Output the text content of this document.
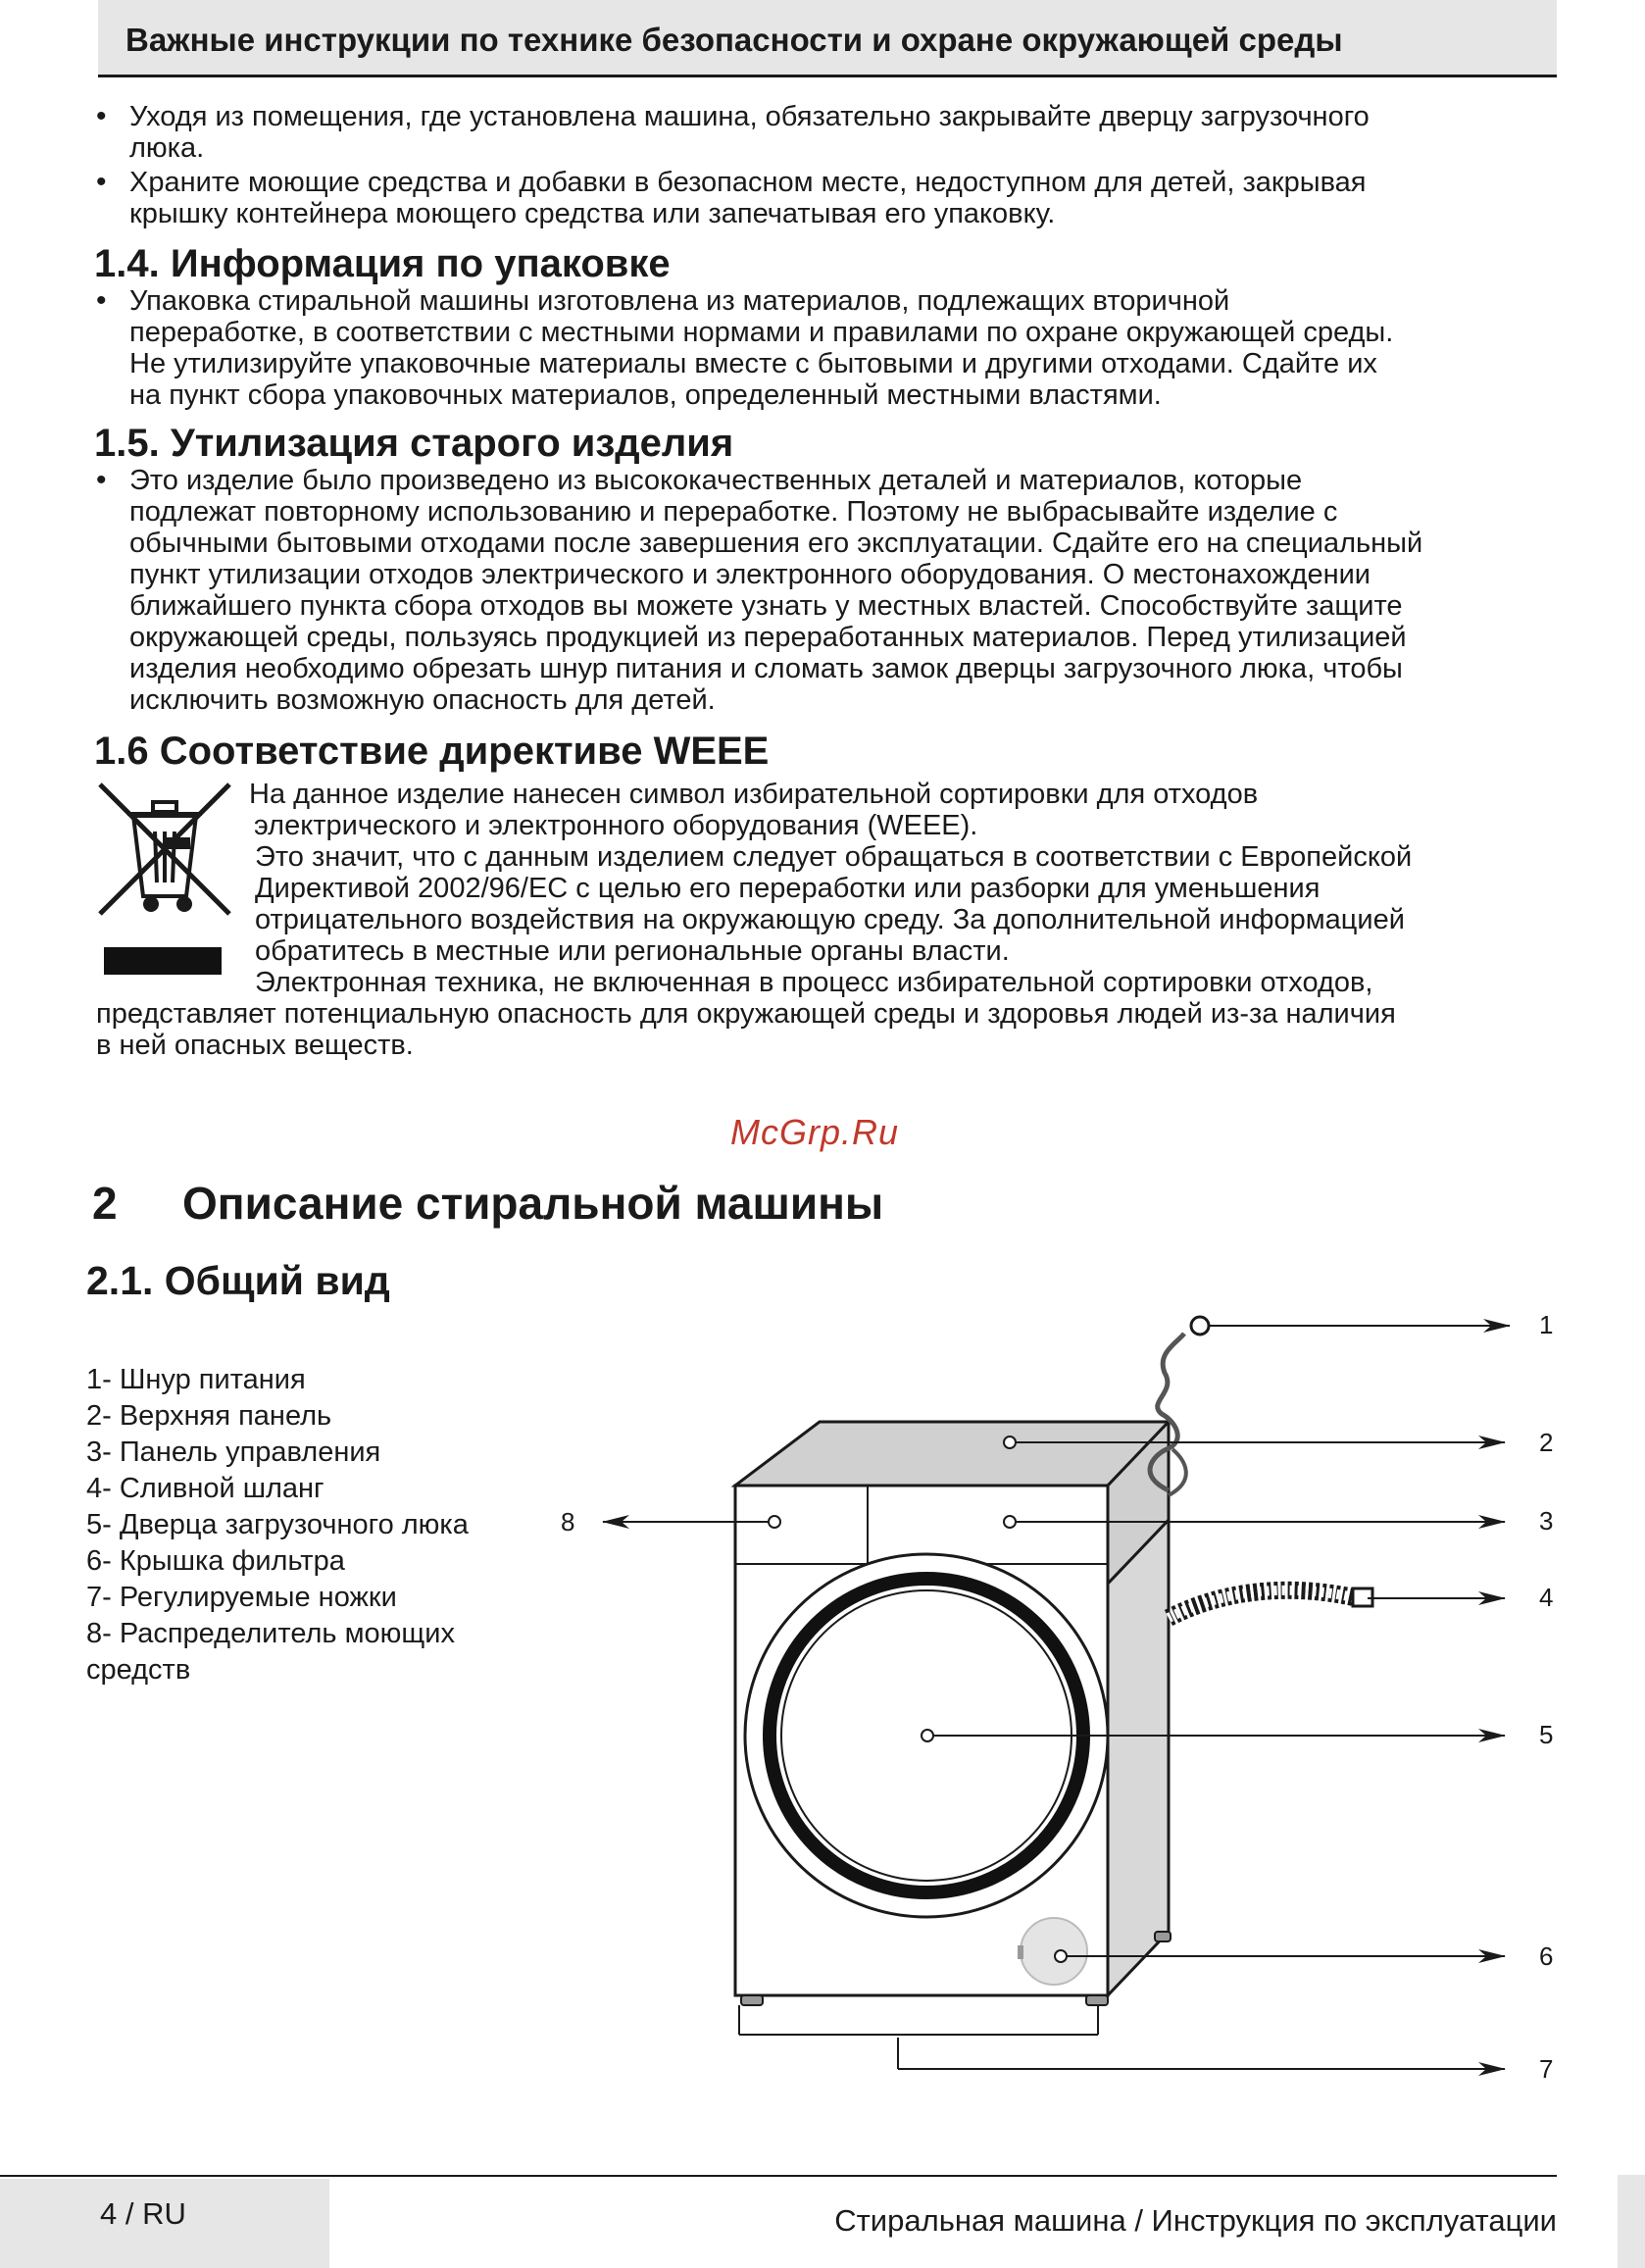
Важные инструкции по технике безопасности и охране окружающей среды
• Уходя из помещения, где установлена машина, обязательно закрывайте дверцу загрузочного
люка.
• Храните моющие средства и добавки в безопасном месте, недоступном для детей, закрывая
крышку контейнера моющего средства или запечатывая его упаковку.
1.4. Информация по упаковке
• Упаковка стиральной машины изготовлена из материалов, подлежащих вторичной
переработке, в соответствии с местными нормами и правилами по охране окружающей среды.
Не утилизируйте упаковочные материалы вместе с бытовыми и другими отходами. Сдайте их
на пункт сбора упаковочных материалов, определенный местными властями.
1.5. Утилизация старого изделия
• Это изделие было произведено из высококачественных деталей и материалов, которые
подлежат повторному использованию и переработке. Поэтому не выбрасывайте изделие с
обычными бытовыми отходами после завершения его эксплуатации. Сдайте его на специальный
пункт утилизации отходов электрического и электронного оборудования. О местонахождении
ближайшего пункта сбора отходов вы можете узнать у местных властей. Способствуйте защите
окружающей среды, пользуясь продукцией из переработанных материалов. Перед утилизацией
изделия необходимо обрезать шнур питания и сломать замок дверцы загрузочного люка, чтобы
исключить возможную опасность для детей.
1.6 Соответствие директиве WEEE

На данное изделие нанесен символ избирательной сортировки для отходов
электрического и электронного оборудования (WEEE).

Это значит, что с данным изделием следует обращаться в соответствии с Европейской
Директивой 2002/96/EC с целью его переработки или разборки для уменьшения
отрицательного воздействия на окружающую среду. За дополнительной информацией
обратитесь в местные или региональные органы власти.

Электронная техника, не включенная в процесс избирательной сортировки отходов,

представляет потенциальную опасность для окружающей среды и здоровья людей из-за наличия
в ней опасных веществ.

McGrp.Ru
2 Описание стиральной машины
2.1. Общий вид
1- Шнур питания
2- Верхняя панель
3- Панель управления
4- Сливной шланг
5- Дверца загрузочного люка
6- Крышка фильтра
7- Регулируемые ножки
8- Распределитель моющих
средств
1
2
3
4
5
6
7
8
4 / RU	Стиральная машина / Инструкция по эксплуатации
